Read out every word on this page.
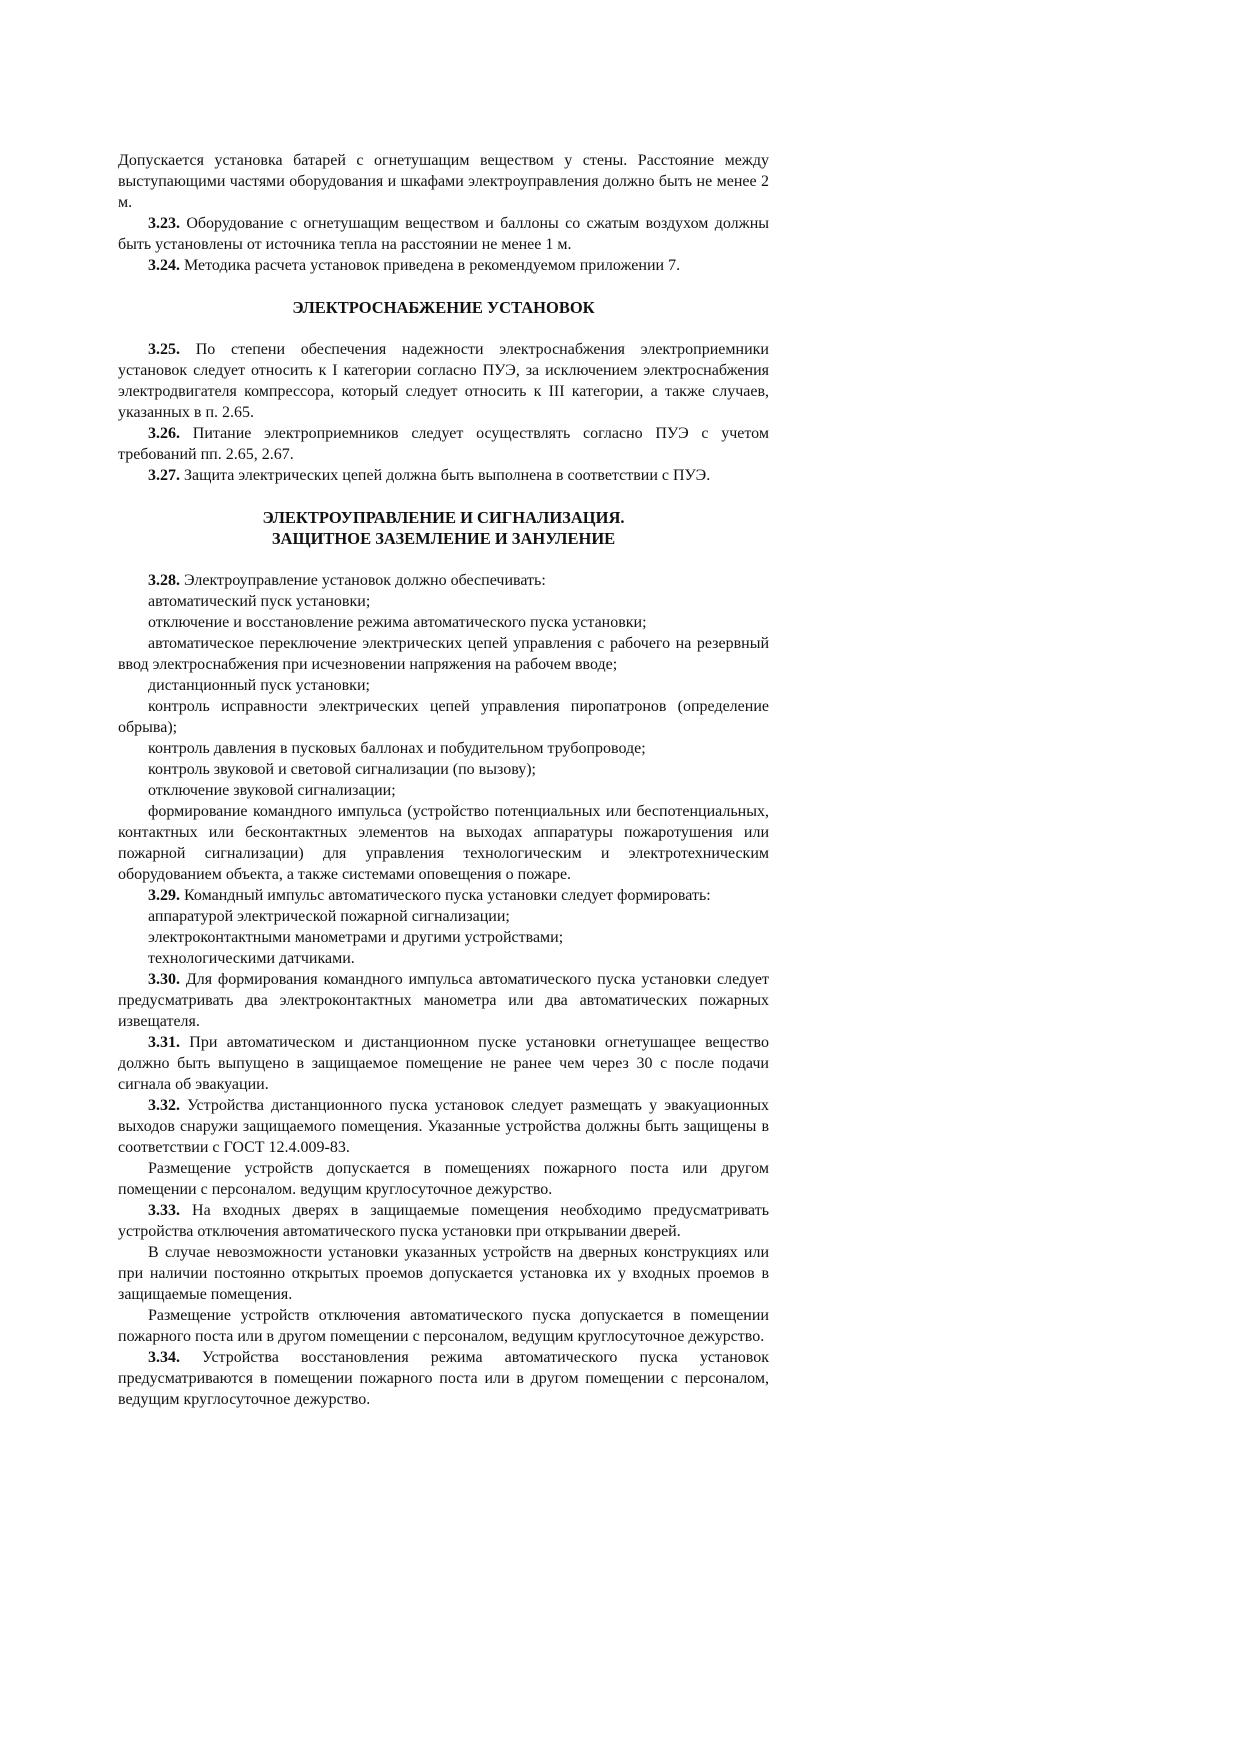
Допускается установка батарей с огнетушащим веществом у стены. Расстояние между выступающими частями оборудования и шкафами электроуправления должно быть не менее 2 м.

3.23. Оборудование с огнетушащим веществом и баллоны со сжатым воздухом должны быть установлены от источника тепла на расстоянии не менее 1 м.

3.24. Методика расчета установок приведена в рекомендуемом приложении 7.

ЭЛЕКТРОСНАБЖЕНИЕ УСТАНОВОК

3.25. По степени обеспечения надежности электроснабжения электроприемники установок следует относить к I категории согласно ПУЭ, за исключением электроснабжения электродвигателя компрессора, который следует относить к III категории, а также случаев, указанных в п. 2.65.

3.26. Питание электроприемников следует осуществлять согласно ПУЭ с учетом требований пп. 2.65, 2.67.

3.27. Защита электрических цепей должна быть выполнена в соответствии с ПУЭ.

ЭЛЕКТРОУПРАВЛЕНИЕ И СИГНАЛИЗАЦИЯ.

ЗАЩИТНОЕ ЗАЗЕМЛЕНИЕ И ЗАНУЛЕНИЕ

3.28. Электроуправление установок должно обеспечивать:

автоматический пуск установки;

отключение и восстановление режима автоматического пуска установки;

автоматическое переключение электрических цепей управления с рабочего на резервный ввод электроснабжения при исчезновении напряжения на рабочем вводе;

дистанционный пуск установки;

контроль исправности электрических цепей управления пиропатронов (определение обрыва);

контроль давления в пусковых баллонах и побудительном трубопроводе;

контроль звуковой и световой сигнализации (по вызову);

отключение звуковой сигнализации;

формирование командного импульса (устройство потенциальных или беспотенциальных, контактных или бесконтактных элементов на выходах аппаратуры пожаротушения или пожарной сигнализации) для управления технологическим и электротехническим оборудованием объекта, а также системами оповещения о пожаре.

3.29. Командный импульс автоматического пуска установки следует формировать:

аппаратурой электрической пожарной сигнализации;

электроконтактными манометрами и другими устройствами;

технологическими датчиками.

3.30. Для формирования командного импульса автоматического пуска установки следует предусматривать два электроконтактных манометра или два автоматических пожарных извещателя.

3.31. При автоматическом и дистанционном пуске установки огнетушащее вещество должно быть выпущено в защищаемое помещение не ранее чем через 30 с после подачи сигнала об эвакуации.

3.32. Устройства дистанционного пуска установок следует размещать у эвакуационных выходов снаружи защищаемого помещения. Указанные устройства должны быть защищены в соответствии с ГОСТ 12.4.009-83.

Размещение устройств допускается в помещениях пожарного поста или другом помещении с персоналом. ведущим круглосуточное дежурство.

3.33. На входных дверях в защищаемые помещения необходимо предусматривать устройства отключения автоматического пуска установки при открывании дверей.

В случае невозможности установки указанных устройств на дверных конструкциях или при наличии постоянно открытых проемов допускается установка их у входных проемов в защищаемые помещения.

Размещение устройств отключения автоматического пуска допускается в помещении пожарного поста или в другом помещении с персоналом, ведущим круглосуточное дежурство.

3.34. Устройства восстановления режима автоматического пуска установок предусматриваются в помещении пожарного поста или в другом помещении с персоналом, ведущим круглосуточное дежурство.
